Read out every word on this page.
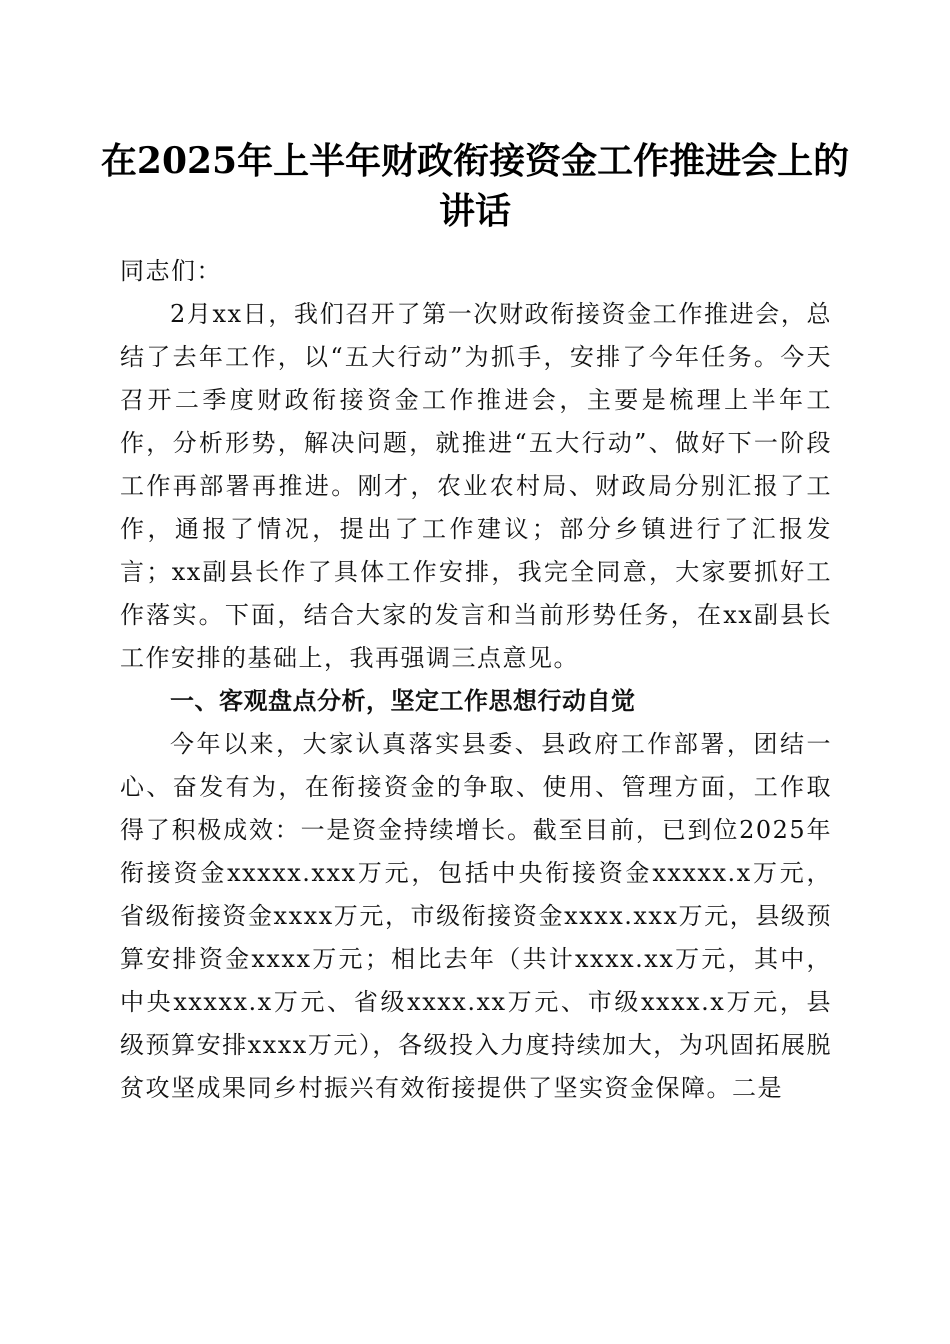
在2025年上半年财政衔接资金工作推进会上的讲话

同志们：

2月xx日，我们召开了第一次财政衔接资金工作推进会，总结了去年工作，以“五大行动”为抓手，安排了今年任务。今天召开二季度财政衔接资金工作推进会，主要是梳理上半年工作，分析形势，解决问题，就推进“五大行动”、做好下一阶段工作再部署再推进。刚才，农业农村局、财政局分别汇报了工作，通报了情况，提出了工作建议；部分乡镇进行了汇报发言；xx副县长作了具体工作安排，我完全同意，大家要抓好工作落实。下面，结合大家的发言和当前形势任务，在xx副县长工作安排的基础上，我再强调三点意见。

一、客观盘点分析，坚定工作思想行动自觉

今年以来，大家认真落实县委、县政府工作部署，团结一心、奋发有为，在衔接资金的争取、使用、管理方面，工作取得了积极成效：一是资金持续增长。截至目前，已到位2025年衔接资金xxxxx.xxx万元，包括中央衔接资金xxxxx.x万元，省级衔接资金xxxx万元，市级衔接资金xxxx.xxx万元，县级预算安排资金xxxx万元；相比去年（共计xxxx.xx万元，其中，中央xxxxx.x万元、省级xxxx.xx万元、市级xxxx.x万元，县级预算安排xxxx万元），各级投入力度持续加大，为巩固拓展脱贫攻坚成果同乡村振兴有效衔接提供了坚实资金保障。二是
